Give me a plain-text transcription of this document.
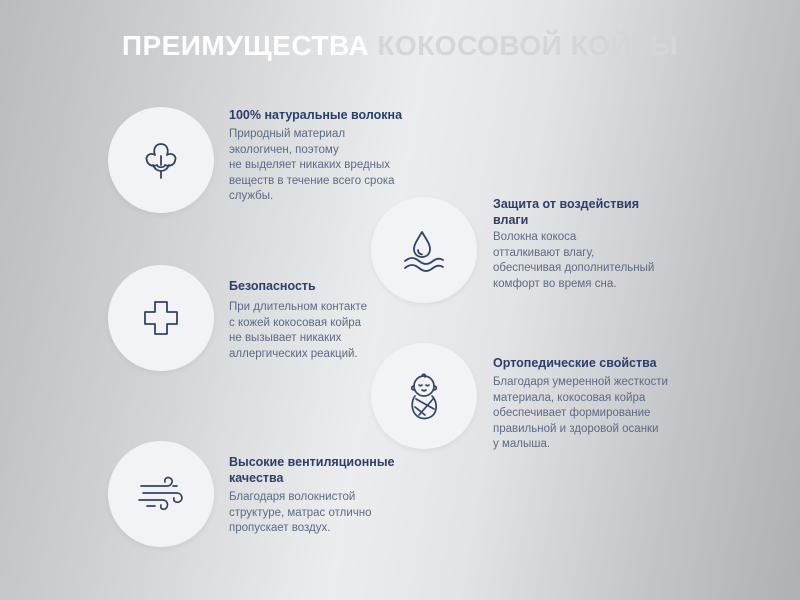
ПРЕИМУЩЕСТВА КОКОСОВОЙ КОЙРЫ

100% натуральные волокна

Природный материал
экологичен, поэтому
не выделяет никаких вредных
веществ в течение всего срока
службы.

Защита от воздействия
влаги

Волокна кокоса
отталкивают влагу,
обеспечивая дополнительный
комфорт во время сна.

Безопасность

При длительном контакте
с кожей кокосовая койра
не вызывает никаких
аллергических реакций.

Ортопедические свойства

Благодаря умеренной жесткости
материала, кокосовая койра
обеспечивает формирование
правильной и здоровой осанки
у малыша.

Высокие вентиляционные
качества

Благодаря волокнистой
структуре, матрас отлично
пропускает воздух.
